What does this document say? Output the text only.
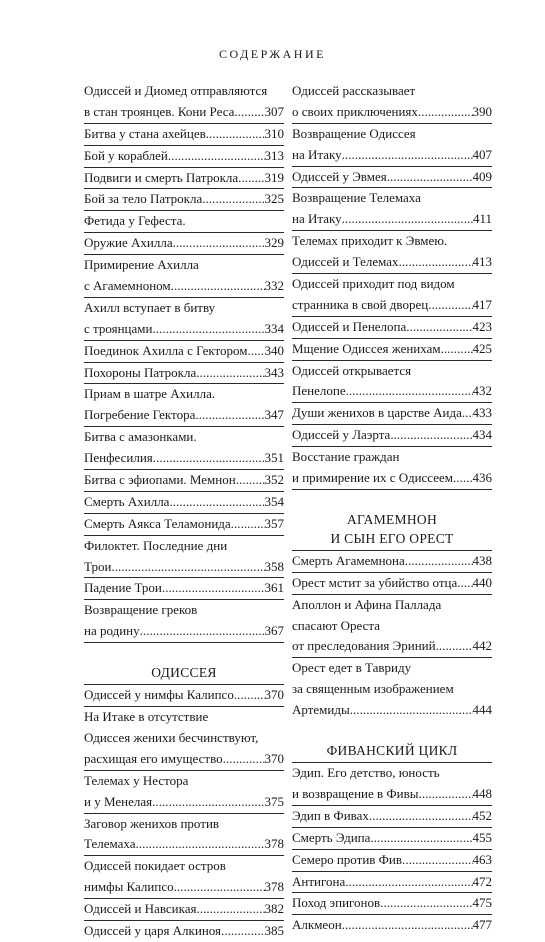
СОДЕРЖАНИЕ
Одиссей и Диомед отправляются
в стан троянцев. Кони Реса . . . 307
Битва у стана ахейцев . . .	310
Бой у кораблей . . .	313
Подвиги и смерть Патрокла . . . 319
Бой за тело Патрокла . . .	325
Фетида у Гефеста.
Оружие Ахилла . . .	329
Примирение Ахилла
с Агамемноном . . .	332
Ахилл вступает в битву
с троянцами . . .	334
Поединок Ахилла с Гектором . . . 340
Похороны Патрокла . . .	343
Приам в шатре Ахилла.
Погребение Гектора . . .	347
Битва с амазонками.
Пенфесилия . . .	351
Битва с эфиопами. Мемнон . . . 352
Смерть Ахилла . . .	354
Смерть Аякса Теламонида . . .	357
Филоктет. Последние дни
Трои . . .	358
Падение Трои . . .	361
Возвращение греков
на родину . . .	367
ОДИССЕЯ
Одиссей у нимфы Калипсо . . . 370
На Итаке в отсутствие
Одиссея женихи бесчинствуют,
расхищая его имущество . . .	370
Телемах у Нестора
и у Менелая . . .	375
Заговор женихов против
Телемаха . . .	378
Одиссей покидает остров
нимфы Калипсо . . .	378
Одиссей и Навсикая . . .	382
Одиссей у царя Алкиноя . . .	385
Одиссей рассказывает
о своих приключениях . . .	390
Возвращение Одиссея
на Итаку . . .	407
Одиссей у Эвмея . . .	409
Возвращение Телемаха
на Итаку . . .	411
Телемах приходит к Эвмею.
Одиссей и Телемах . . .	413
Одиссей приходит под видом
странника в свой дворец . . .	417
Одиссей и Пенелопа . . .	423
Мщение Одиссея женихам . . . 425
Одиссей открывается
Пенелопе . . .	432
Души женихов в царстве Аида . . . 433
Одиссей у Лаэрта . . .	434
Восстание граждан
и примирение их с Одиссеем . . . 436
АГАМЕМНОН
И СЫН ЕГО ОРЕСТ
Смерть Агамемнона . . .	438
Орест мстит за убийство отца . . . 440
Аполлон и Афина Паллада
спасают Ореста
от преследования Эриний . . .	442
Орест едет в Тавриду
за священным изображением
Артемиды . . .	444
ФИВАНСКИЙ ЦИКЛ
Эдип. Его детство, юность
и возвращение в Фивы . . .	448
Эдип в Фивах . . .	452
Смерть Эдипа . . .	455
Семеро против Фив . . .	463
Антигона . . .	472
Поход эпигонов . . .	475
Алкмеон . . .	477
